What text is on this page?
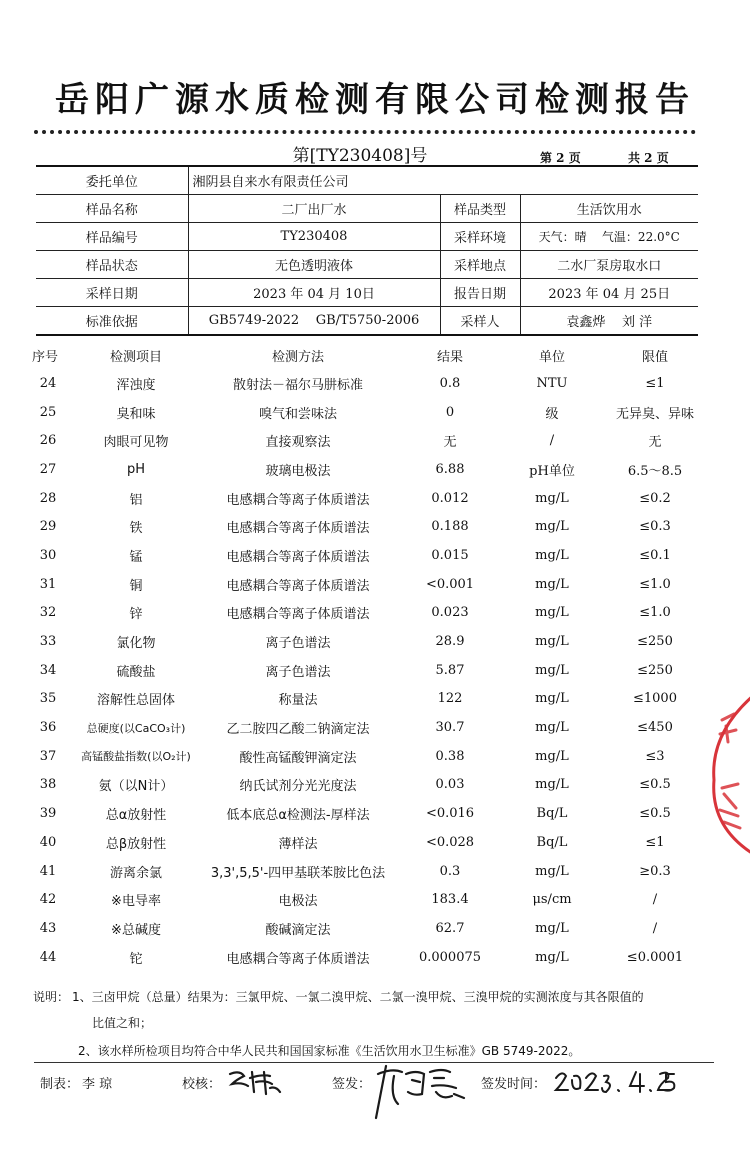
岳阳广源水质检测有限公司检测报告
第[TY230408]号	第 2 页	共 2 页
委托单位	湘阴县自来水有限责任公司		
样品名称	二厂出厂水	样品类型	生活饮用水
样品编号	TY230408	采样环境	天气：晴    气温：22.0°C
样品状态	无色透明液体	采样地点	二水厂泵房取水口
采样日期	2023 年 04 月 10日	报告日期	2023 年 04 月 25日
标准依据	GB5749-2022    GB/T5750-2006	采样人	袁鑫烨    刘 洋
序号	检测项目	检测方法	结果	单位	限值
24	浑浊度	散射法－福尔马肼标准	0.8	NTU	≤1
25	臭和味	嗅气和尝味法	0	级	无异臭、异味
26	肉眼可见物	直接观察法	无	/	无
27	pH	玻璃电极法	6.88	pH单位	6.5～8.5
28	铝	电感耦合等离子体质谱法	0.012	mg/L	≤0.2
29	铁	电感耦合等离子体质谱法	0.188	mg/L	≤0.3
30	锰	电感耦合等离子体质谱法	0.015	mg/L	≤0.1
31	铜	电感耦合等离子体质谱法	<0.001	mg/L	≤1.0
32	锌	电感耦合等离子体质谱法	0.023	mg/L	≤1.0
33	氯化物	离子色谱法	28.9	mg/L	≤250
34	硫酸盐	离子色谱法	5.87	mg/L	≤250
35	溶解性总固体	称量法	122	mg/L	≤1000
36	总硬度(以CaCO₃计)	乙二胺四乙酸二钠滴定法	30.7	mg/L	≤450
37	高锰酸盐指数(以O₂计)	酸性高锰酸钾滴定法	0.38	mg/L	≤3
38	氨（以N计）	纳氏试剂分光光度法	0.03	mg/L	≤0.5
39	总α放射性	低本底总α检测法-厚样法	<0.016	Bq/L	≤0.5
40	总β放射性	薄样法	<0.028	Bq/L	≤1
41	游离余氯	3,3',5,5'-四甲基联苯胺比色法	0.3	mg/L	≥0.3
42	※电导率	电极法	183.4	μs/cm	/
43	※总碱度	酸碱滴定法	62.7	mg/L	/
44	铊	电感耦合等离子体质谱法	0.000075	mg/L	≤0.0001
说明： 1、三卤甲烷（总量）结果为：三氯甲烷、一氯二溴甲烷、二氯一溴甲烷、三溴甲烷的实测浓度与其各限值的
比值之和；
2、该水样所检项目均符合中华人民共和国国家标准《生活饮用水卫生标准》GB 5749-2022。
制表： 李 琼	校核：	签发：	签发时间：
